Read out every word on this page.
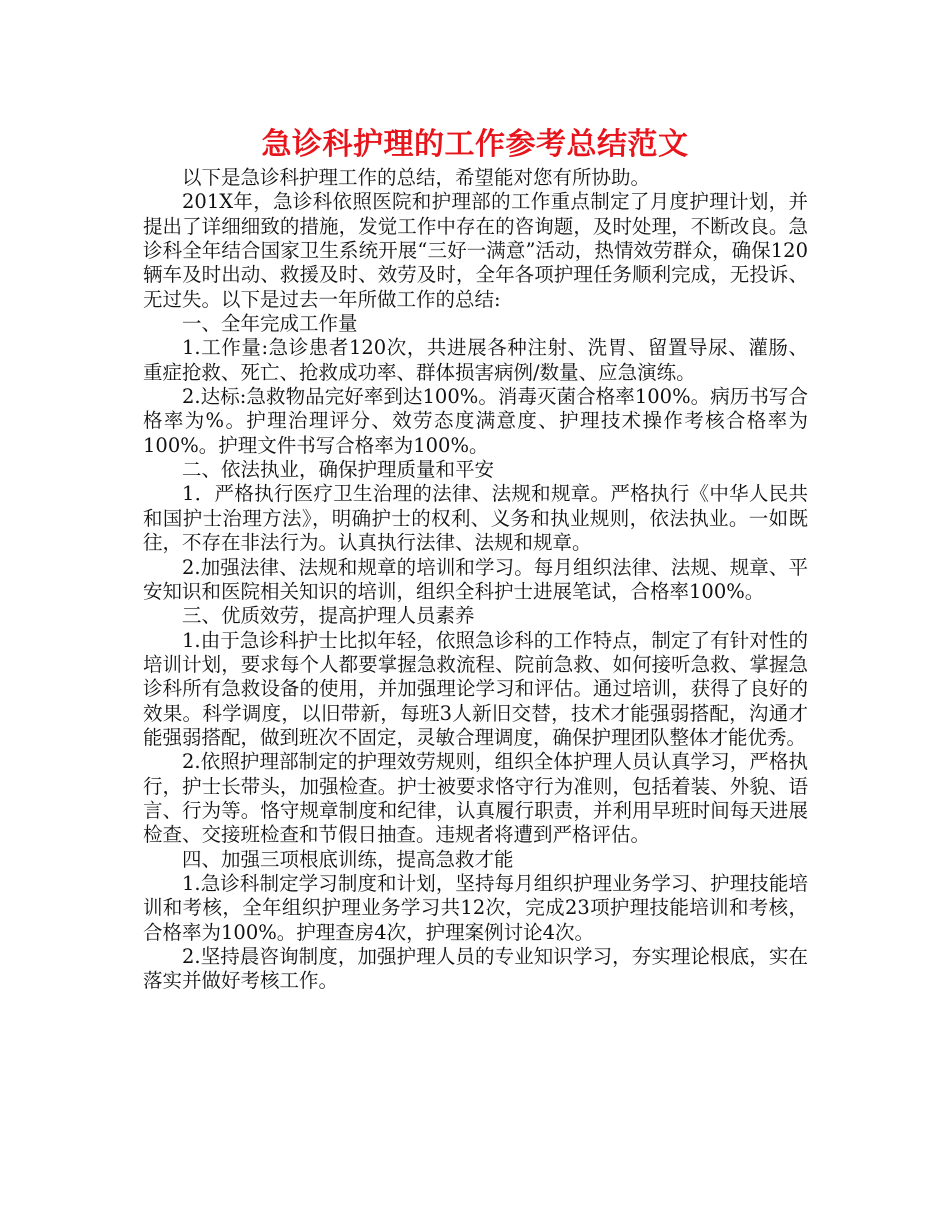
急诊科护理的工作参考总结范文

以下是急诊科护理工作的总结，希望能对您有所协助。

201X年，急诊科依照医院和护理部的工作重点制定了月度护理计划，并提出了详细细致的措施，发觉工作中存在的咨询题，及时处理，不断改良。急诊科全年结合国家卫生系统开展“三好一满意”活动，热情效劳群众，确保120辆车及时出动、救援及时、效劳及时，全年各项护理任务顺利完成，无投诉、无过失。以下是过去一年所做工作的总结:

一、全年完成工作量

1.工作量:急诊患者120次，共进展各种注射、洗胃、留置导尿、灌肠、重症抢救、死亡、抢救成功率、群体损害病例/数量、应急演练。

2.达标:急救物品完好率到达100%。消毒灭菌合格率100%。病历书写合格率为%。护理治理评分、效劳态度满意度、护理技术操作考核合格率为100%。护理文件书写合格率为100%。

二、依法执业，确保护理质量和平安

1．严格执行医疗卫生治理的法律、法规和规章。严格执行《中华人民共和国护士治理方法》，明确护士的权利、义务和执业规则，依法执业。一如既往，不存在非法行为。认真执行法律、法规和规章。

2.加强法律、法规和规章的培训和学习。每月组织法律、法规、规章、平安知识和医院相关知识的培训，组织全科护士进展笔试，合格率100%。

三、优质效劳，提高护理人员素养

1.由于急诊科护士比拟年轻，依照急诊科的工作特点，制定了有针对性的培训计划，要求每个人都要掌握急救流程、院前急救、如何接听急救、掌握急诊科所有急救设备的使用，并加强理论学习和评估。通过培训，获得了良好的效果。科学调度，以旧带新，每班3人新旧交替，技术才能强弱搭配，沟通才能强弱搭配，做到班次不固定，灵敏合理调度，确保护理团队整体才能优秀。

2.依照护理部制定的护理效劳规则，组织全体护理人员认真学习，严格执行，护士长带头，加强检查。护士被要求恪守行为准则，包括着装、外貌、语言、行为等。恪守规章制度和纪律，认真履行职责，并利用早班时间每天进展检查、交接班检查和节假日抽查。违规者将遭到严格评估。

四、加强三项根底训练，提高急救才能

1.急诊科制定学习制度和计划，坚持每月组织护理业务学习、护理技能培训和考核，全年组织护理业务学习共12次，完成23项护理技能培训和考核，合格率为100%。护理查房4次，护理案例讨论4次。

2.坚持晨咨询制度，加强护理人员的专业知识学习，夯实理论根底，实在落实并做好考核工作。
